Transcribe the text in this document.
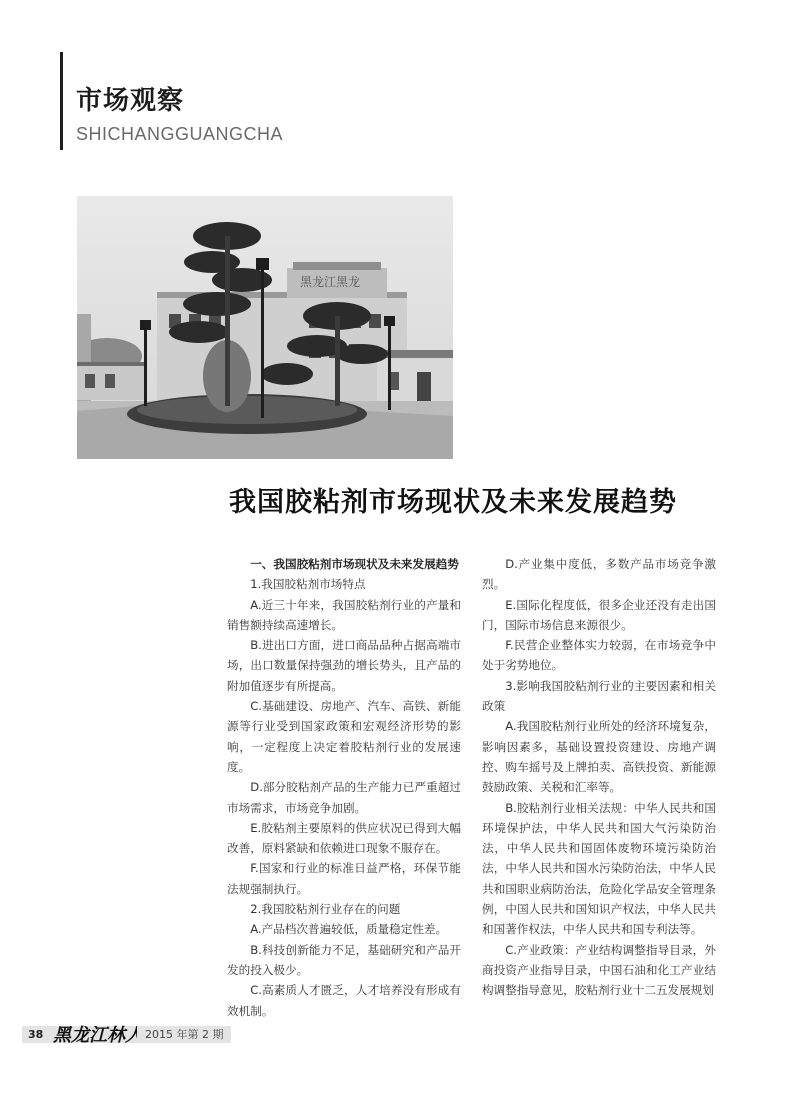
市场观察
SHICHANGGUANGCHA
黑龙江黑龙
我国胶粘剂市场现状及未来发展趋势

一、我国胶粘剂市场现状及未来发展趋势

1.我国胶粘剂市场特点

A.近三十年来，我国胶粘剂行业的产量和销售额持续高速增长。

B.进出口方面，进口商品品种占据高端市场，出口数量保持强劲的增长势头，且产品的附加值逐步有所提高。

C.基础建设、房地产、汽车、高铁、新能源等行业受到国家政策和宏观经济形势的影响，一定程度上决定着胶粘剂行业的发展速度。

D.部分胶粘剂产品的生产能力已严重超过市场需求，市场竞争加剧。

E.胶粘剂主要原料的供应状况已得到大幅改善，原料紧缺和依赖进口现象不服存在。

F.国家和行业的标准日益严格，环保节能法规强制执行。

2.我国胶粘剂行业存在的问题

A.产品档次普遍较低，质量稳定性差。

B.科技创新能力不足，基础研究和产品开发的投入极少。

C.高素质人才匮乏，人才培养没有形成有效机制。

D.产业集中度低，多数产品市场竞争激烈。

E.国际化程度低，很多企业还没有走出国门，国际市场信息来源很少。

F.民营企业整体实力较弱，在市场竞争中处于劣势地位。

3.影响我国胶粘剂行业的主要因素和相关政策

A.我国胶粘剂行业所处的经济环境复杂，影响因素多，基础设置投资建设、房地产调控、购车摇号及上牌拍卖、高铁投资、新能源鼓励政策、关税和汇率等。

B.胶粘剂行业相关法规：中华人民共和国环境保护法，中华人民共和国大气污染防治法，中华人民共和国固体废物环境污染防治法，中华人民共和国水污染防治法，中华人民共和国职业病防治法，危险化学品安全管理条例，中国人民共和国知识产权法，中华人民共和国著作权法，中华人民共和国专利法等。

C.产业政策：产业结构调整指导目录，外商投资产业指导目录，中国石油和化工产业结构调整指导意见，胶粘剂行业十二五发展规划

38 黑龙江林人 2015 年第 2 期
